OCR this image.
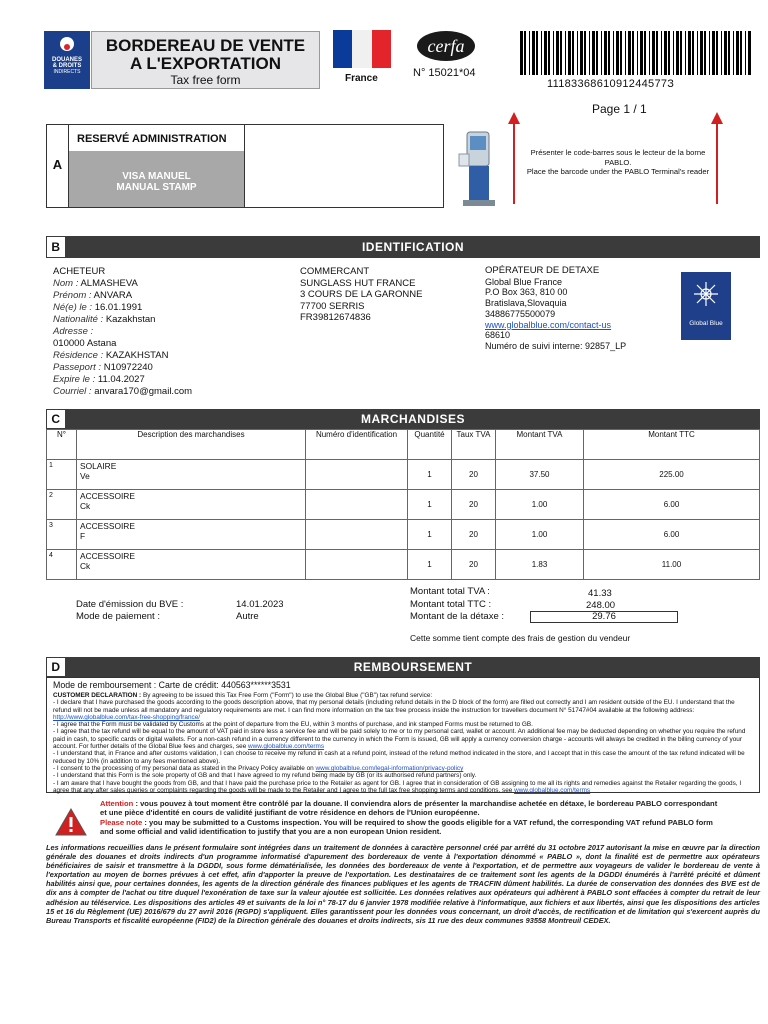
DOUANES
& DROITS
INDIRECTS
BORDEREAU DE VENTE
A L'EXPORTATION
Tax free form	France
cerfa
N° 15021*04
1118336861091244577З
Page 1 / 1
A
RESERVÉ ADMINISTRATION
VISA MANUEL
MANUAL STAMP
Présenter le code-barres sous le lecteur de la borne PABLO.
Place the barcode under the PABLO Terminal's reader
B	IDENTIFICATION
ACHETEUR
Nom : ALMASHEVA
Prénom : ANVARA
Né(e) le : 16.01.1991
Nationalité : Kazakhstan
Adresse :
010000 Astana
Résidence : KAZAKHSTAN
Passeport : N10972240
Expire le : 11.04.2027
Courriel : anvara170@gmail.com
COMMERCANT
SUNGLASS HUT FRANCE
3 COURS DE LA GARONNE
77700 SERRIS
FR39812674836
OPÉRATEUR DE DETAXE
Global Blue France
P.O Box 363, 810 00
Bratislava,Slovaquia
34886775500079
www.globalblue.com/contact-us
68610
Numéro de suivi interne: 92857_LP
Global Blue
C	MARCHANDISES
N°	Description des marchandises	Numéro d'identification	Quantité	Taux TVA	Montant TVA	Montant TTC
1	SOLAIRE
Ve		1	20	37.50	225.00
2	ACCESSOIRE
Ck		1	20	1.00	6.00
3	ACCESSOIRE
F		1	20	1.00	6.00
4	ACCESSOIRE
Ck		1	20	1.83	11.00
Date d'émission du BVE :	14.01.2023
Mode de paiement :	Autre
Montant total TVA :	41.33
Montant total TTC :	248.00
Montant de la détaxe :	29.76
Cette somme tient compte des frais de gestion du vendeur
D	REMBOURSEMENT
Mode de remboursement : Carte de crédit: 440563******3531
CUSTOMER DECLARATION : By agreeing to be issued this Tax Free Form ("Form") to use the Global Blue ("GB") tax refund service:
- I declare that I have purchased the goods according to the goods description above, that my personal details (including refund details in the D block of the form) are filled out correctly and I am resident outside of the EU. I understand that the refund will not be made unless all mandatory and regulatory requirements are met. I can find more information on the tax free process inside the instruction for travellers document N° 51747#04 available at the following address:
http://www.globalblue.com/tax-free-shopping/france/
- I agree that the Form must be validated by Customs at the point of departure from the EU, within 3 months of purchase, and ink stamped Forms must be returned to GB.
- I agree that the tax refund will be equal to the amount of VAT paid in store less a service fee and will be paid solely to me or to my personal card, wallet or account. An additional fee may be deducted depending on whether you require the refund paid in cash, to specific cards or digital wallets. For a non-cash refund in a currency different to the currency in which the Form is issued, GB will apply a currency conversion charge - accounts will always be credited in the billing currency of your account. For further details of the Global Blue fees and charges, see www.globalblue.com/terms
- I understand that, in France and after customs validation, I can choose to receive my refund in cash at a refund point, instead of the refund method indicated in the store, and I accept that in this case the amount of the tax refund indicated will be reduced by 10% (in addition to any fees mentioned above).
- I consent to the processing of my personal data as stated in the Privacy Policy available on www.globalblue.com/legal-information/privacy-policy
- I understand that this Form is the sole property of GB and that I have agreed to my refund being made by GB (or its authorised refund partners) only.
- I am aware that I have bought the goods from GB, and that I have paid the purchase price to the Retailer as agent for GB. I agree that in consideration of GB assigning to me all its rights and remedies against the Retailer regarding the goods, I agree that any after sales queries or complaints regarding the goods will be made to the Retailer and I agree to the full tax free shopping terms and conditions, see www.globalblue.com/terms
Attention : vous pouvez à tout moment être contrôlé par la douane. Il conviendra alors de présenter la marchandise achetée en détaxe, le bordereau PABLO correspondant et une pièce d'identité en cours de validité justifiant de votre résidence en dehors de l'Union européenne.
Please note : you may be submitted to a Customs inspection. You will be required to show the goods eligible for a VAT refund, the corresponding VAT refund PABLO form and some official and valid identification to justify that you are a non european Union resident.
Les informations recueillies dans le présent formulaire sont intégrées dans un traitement de données à caractère personnel créé par arrêté du 31 octobre 2017 autorisant la mise en œuvre par la direction générale des douanes et droits indirects d'un programme informatisé d'apurement des bordereaux de vente à l'exportation dénommé « PABLO », dont la finalité est de permettre aux opérateurs bénéficiaires de saisir et transmettre à la DGDDI, sous forme dématérialisée, les données des bordereaux de vente à l'exportation, et de permettre aux voyageurs de valider le bordereau de vente à l'exportation au moyen de bornes prévues à cet effet, afin d'apporter la preuve de l'exportation. Les destinataires de ce traitement sont les agents de la DGDDI énumérés à l'arrêté précité et dûment habilités ainsi que, pour certaines données, les agents de la direction générale des finances publiques et les agents de TRACFIN dûment habilités. La durée de conservation des données des BVE est de dix ans à compter de l'achat ou titre duquel l'exonération de taxe sur la valeur ajoutée est sollicitée. Les données relatives aux opérateurs qui adhèrent à PABLO sont effacées à compter du retrait de leur adhésion au téléservice. Les dispositions des articles 49 et suivants de la loi n° 78-17 du 6 janvier 1978 modifiée relative à l'informatique, aux fichiers et aux libertés, ainsi que les dispositions des articles 15 et 16 du Règlement (UE) 2016/679 du 27 avril 2016 (RGPD) s'appliquent. Elles garantissent pour les données vous concernant, un droit d'accès, de rectification et de limitation qui s'exercent auprès du Bureau Transports et fiscalité européenne (FID2) de la Direction générale des douanes et droits indirects, sis 11 rue des deux communes 93558 Montreuil CEDEX.
